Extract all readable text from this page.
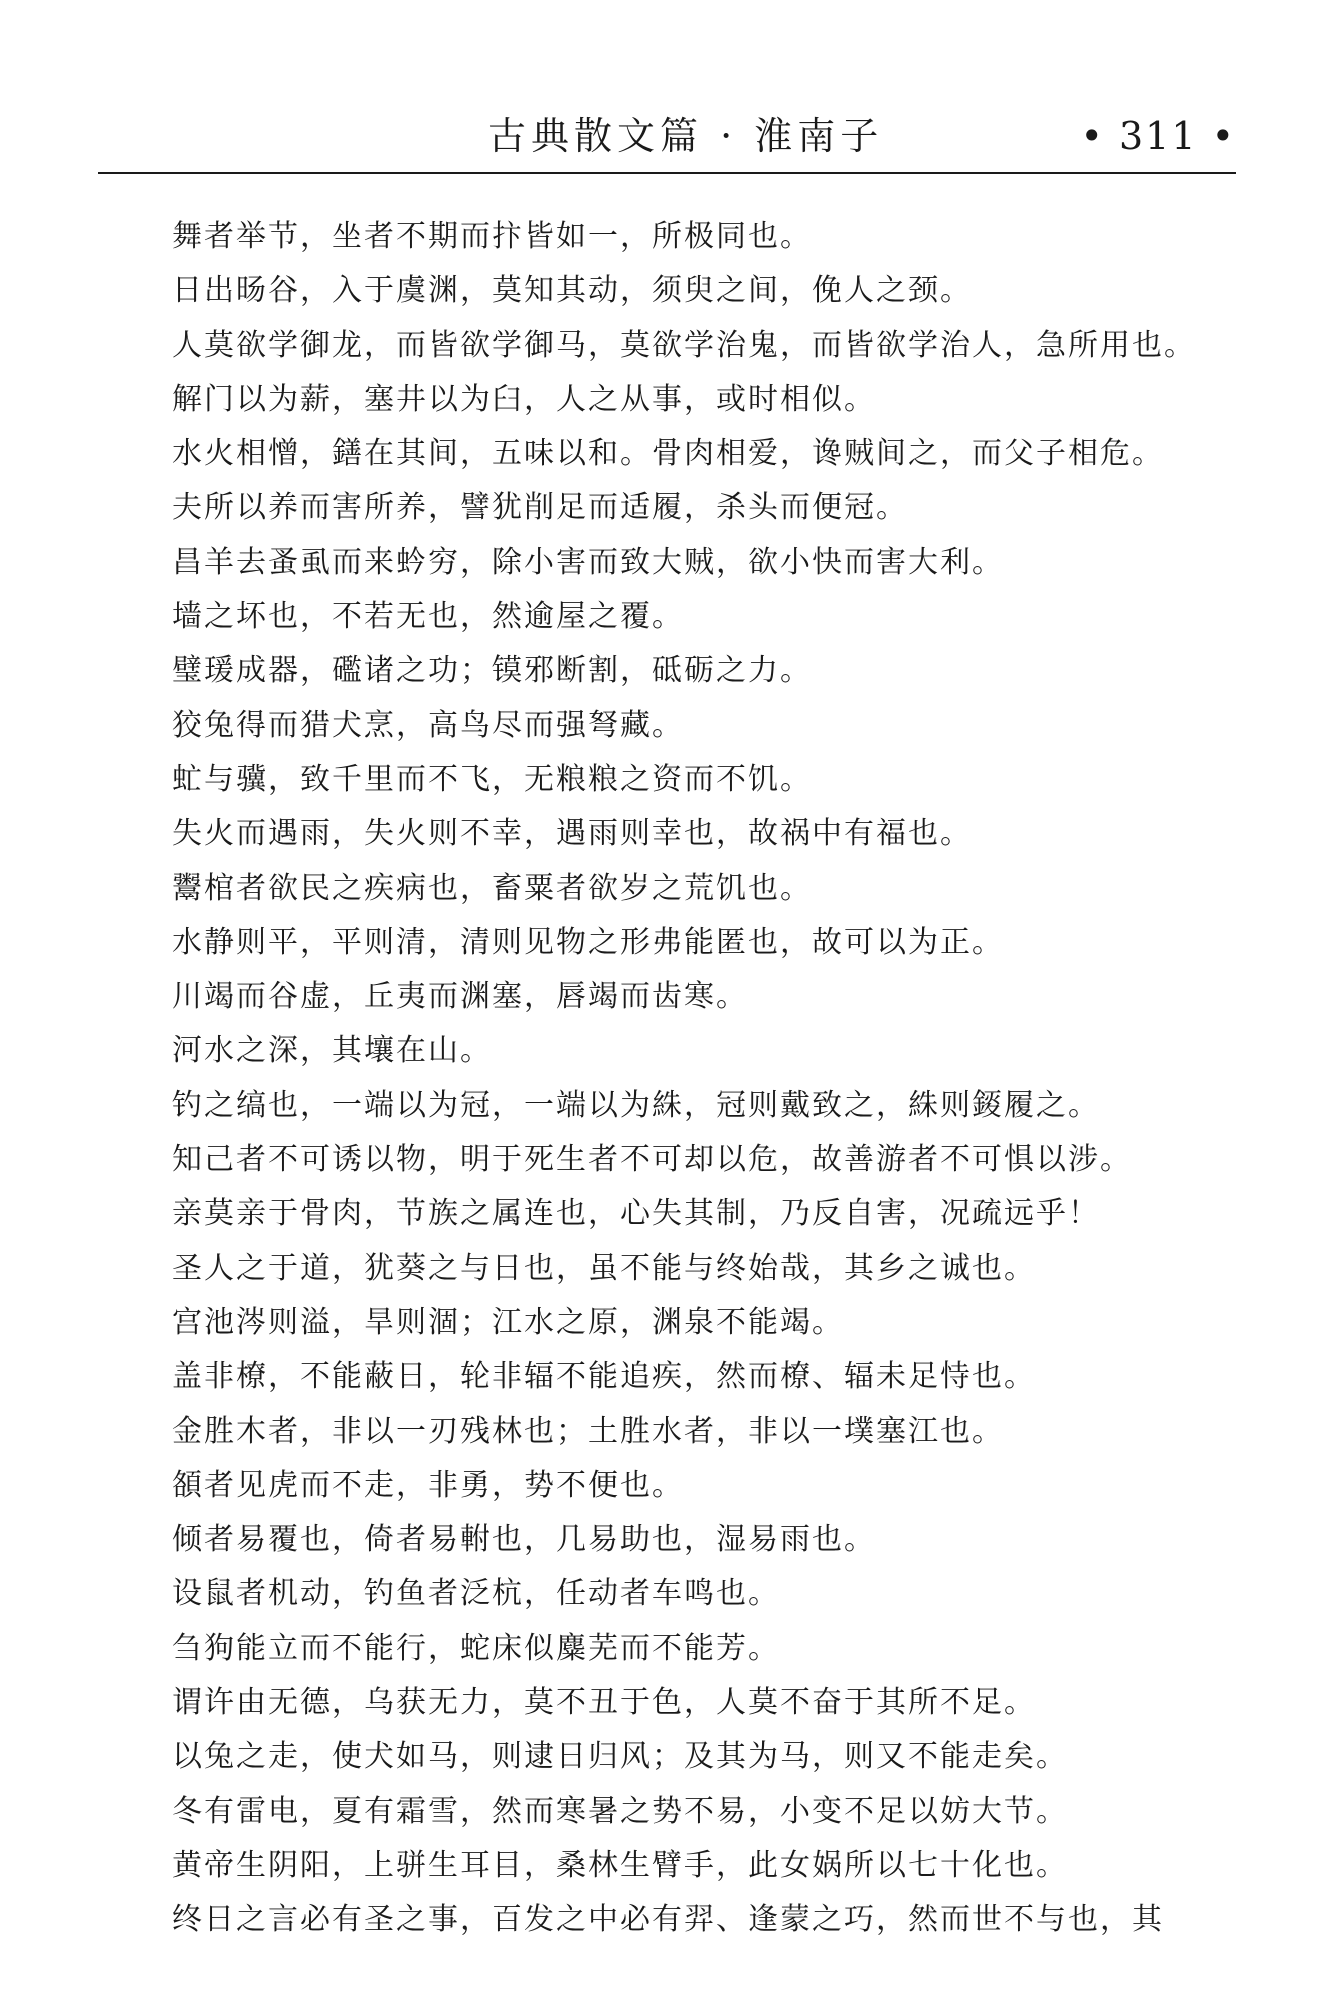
古典散文篇 · 淮南子	• 311 •
舞者举节，坐者不期而抃皆如一，所极同也。
日出旸谷，入于虞渊，莫知其动，须臾之间，俛人之颈。
人莫欲学御龙，而皆欲学御马，莫欲学治鬼，而皆欲学治人，急所用也。
解门以为薪，塞井以为臼，人之从事，或时相似。
水火相憎，鐥在其间，五味以和。骨肉相爱，谗贼间之，而父子相危。
夫所以养而害所养，譬犹削足而适履，杀头而便冠。
昌羊去蚤虱而来蚙穷，除小害而致大贼，欲小快而害大利。
墙之坏也，不若无也，然逾屋之覆。
璧瑗成器，礛诸之功；镆邪断割，砥砺之力。
狡兔得而猎犬烹，高鸟尽而强弩藏。
虻与骥，致千里而不飞，无粮粮之资而不饥。
失火而遇雨，失火则不幸，遇雨则幸也，故祸中有福也。
鬻棺者欲民之疾病也，畜粟者欲岁之荒饥也。
水静则平，平则清，清则见物之形弗能匿也，故可以为正。
川竭而谷虚，丘夷而渊塞，唇竭而齿寒。
河水之深，其壤在山。
钓之缟也，一端以为冠，一端以为絑，冠则戴致之，絑则錽履之。
知己者不可诱以物，明于死生者不可却以危，故善游者不可惧以涉。
亲莫亲于骨肉，节族之属连也，心失其制，乃反自害，况疏远乎！
圣人之于道，犹葵之与日也，虽不能与终始哉，其乡之诚也。
宫池涔则溢，旱则涸；江水之原，渊泉不能竭。
盖非橑，不能蔽日，轮非辐不能追疾，然而橑、辐未足恃也。
金胜木者，非以一刃残林也；土胜水者，非以一墣塞江也。
頟者见虎而不走，非勇，势不便也。
倾者易覆也，倚者易軵也，几易助也，湿易雨也。
设鼠者机动，钓鱼者泛杭，任动者车鸣也。
刍狗能立而不能行，蛇床似麋芜而不能芳。
谓许由无德，乌获无力，莫不丑于色，人莫不奋于其所不足。
以兔之走，使犬如马，则逮日归风；及其为马，则又不能走矣。
冬有雷电，夏有霜雪，然而寒暑之势不易，小变不足以妨大节。
黄帝生阴阳，上骈生耳目，桑林生臂手，此女娲所以七十化也。
终日之言必有圣之事，百发之中必有羿、逢蒙之巧，然而世不与也，其
